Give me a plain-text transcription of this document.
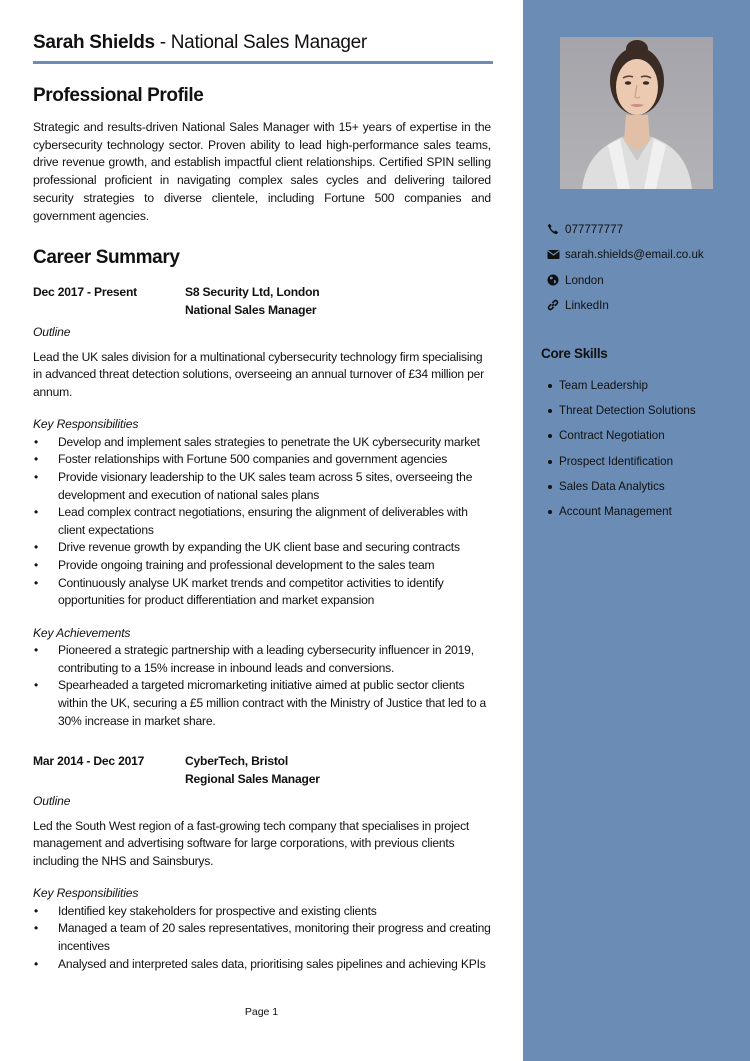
Sarah Shields - National Sales Manager
Professional Profile
Strategic and results-driven National Sales Manager with 15+ years of expertise in the cybersecurity technology sector. Proven ability to lead high-performance sales teams, drive revenue growth, and establish impactful client relationships. Certified SPIN selling professional proficient in navigating complex sales cycles and delivering tailored security strategies to diverse clientele, including Fortune 500 companies and government agencies.
Career Summary
Dec 2017 - Present	S8 Security Ltd, London
National Sales Manager
Outline
Lead the UK sales division for a multinational cybersecurity technology firm specialising in advanced threat detection solutions, overseeing an annual turnover of £34 million per annum.
Key Responsibilities
• Develop and implement sales strategies to penetrate the UK cybersecurity market
• Foster relationships with Fortune 500 companies and government agencies
• Provide visionary leadership to the UK sales team across 5 sites, overseeing the development and execution of national sales plans
• Lead complex contract negotiations, ensuring the alignment of deliverables with client expectations
• Drive revenue growth by expanding the UK client base and securing contracts
• Provide ongoing training and professional development to the sales team
• Continuously analyse UK market trends and competitor activities to identify opportunities for product differentiation and market expansion
Key Achievements
• Pioneered a strategic partnership with a leading cybersecurity influencer in 2019, contributing to a 15% increase in inbound leads and conversions.
• Spearheaded a targeted micromarketing initiative aimed at public sector clients within the UK, securing a £5 million contract with the Ministry of Justice that led to a 30% increase in market share.
Mar 2014 - Dec 2017	CyberTech, Bristol
Regional Sales Manager
Outline
Led the South West region of a fast-growing tech company that specialises in project management and advertising software for large corporations, with previous clients including the NHS and Sainsburys.
Key Responsibilities
• Identified key stakeholders for prospective and existing clients
• Managed a team of 20 sales representatives, monitoring their progress and creating incentives
• Analysed and interpreted sales data, prioritising sales pipelines and achieving KPIs
Page 1
077777777
sarah.shields@email.co.uk
London
LinkedIn
Core Skills
Team Leadership
Threat Detection Solutions
Contract Negotiation
Prospect Identification
Sales Data Analytics
Account Management
